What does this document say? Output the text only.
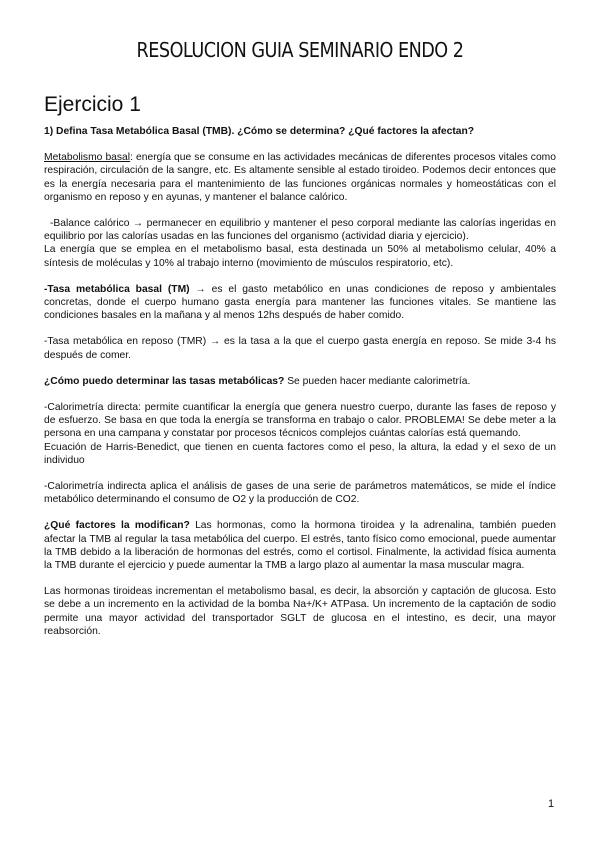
RESOLUCION GUIA SEMINARIO ENDO 2
Ejercicio 1

1) Defina Tasa Metabólica Basal (TMB). ¿Cómo se determina? ¿Qué factores la afectan?

Metabolismo basal: energía que se consume en las actividades mecánicas de diferentes procesos vitales como respiración, circulación de la sangre, etc. Es altamente sensible al estado tiroideo. Podemos decir entonces que es la energía necesaria para el mantenimiento de las funciones orgánicas normales y homeostáticas con el organismo en reposo y en ayunas, y mantener el balance calórico.

-Balance calórico → permanecer en equilibrio y mantener el peso corporal mediante las calorías ingeridas en equilibrio por las calorías usadas en las funciones del organismo (actividad diaria y ejercicio).

La energía que se emplea en el metabolismo basal, esta destinada un 50% al metabolismo celular, 40% a síntesis de moléculas y 10% al trabajo interno (movimiento de músculos respiratorio, etc).

-Tasa metabólica basal (TM) → es el gasto metabólico en unas condiciones de reposo y ambientales concretas, donde el cuerpo humano gasta energía para mantener las funciones vitales. Se mantiene las condiciones basales en la mañana y al menos 12hs después de haber comido.

-Tasa metabólica en reposo (TMR) → es la tasa a la que el cuerpo gasta energía en reposo. Se mide 3-4 hs después de comer.

¿Cómo puedo determinar las tasas metabólicas? Se pueden hacer mediante calorimetría.

-Calorimetría directa: permite cuantificar la energía que genera nuestro cuerpo, durante las fases de reposo y de esfuerzo. Se basa en que toda la energía se transforma en trabajo o calor. PROBLEMA! Se debe meter a la persona en una campana y constatar por procesos técnicos complejos cuántas calorías está quemando.

Ecuación de Harris-Benedict, que tienen en cuenta factores como el peso, la altura, la edad y el sexo de un individuo

-Calorimetría indirecta aplica el análisis de gases de una serie de parámetros matemáticos, se mide el índice metabólico determinando el consumo de O2 y la producción de CO2.

¿Qué factores la modifican? Las hormonas, como la hormona tiroidea y la adrenalina, también pueden afectar la TMB al regular la tasa metabólica del cuerpo. El estrés, tanto físico como emocional, puede aumentar la TMB debido a la liberación de hormonas del estrés, como el cortisol. Finalmente, la actividad física aumenta la TMB durante el ejercicio y puede aumentar la TMB a largo plazo al aumentar la masa muscular magra.

Las hormonas tiroideas incrementan el metabolismo basal, es decir, la absorción y captación de glucosa. Esto se debe a un incremento en la actividad de la bomba Na+/K+ ATPasa. Un incremento de la captación de sodio permite una mayor actividad del transportador SGLT de glucosa en el intestino, es decir, una mayor reabsorción.

1
